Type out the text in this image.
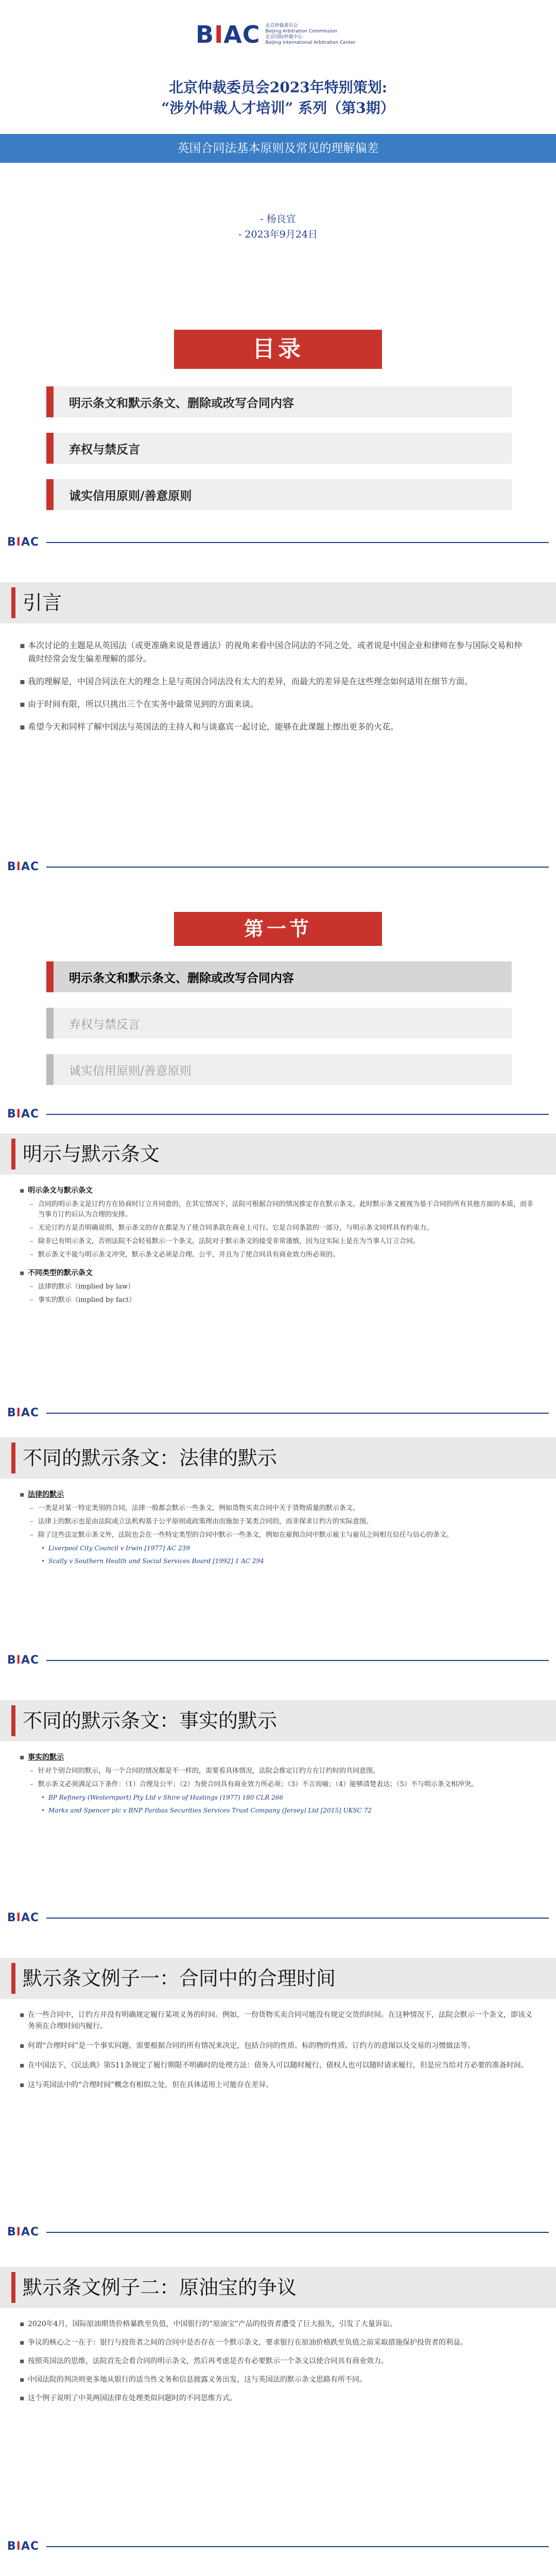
BIAC 北京仲裁委员会
Beijing Arbitration Commission
北京国际仲裁中心
Beijing International Arbitration Center
北京仲裁委员会2023年特别策划:
“涉外仲裁人才培训” 系列（第3期）
英国合同法基本原则及常见的理解偏差
- 杨良宜
- 2023年9月24日
目录
明示条文和默示条文、删除或改写合同内容
弃权与禁反言
诚实信用原则/善意原则
BIAC
引言
▪ 本次讨论的主题是从英国法（或更准确来说是普通法）的视角来看中国合同法的不同之处，或者说是中国企业和律师在参与国际交易和仲裁时经常会发生偏差理解的部分。
▪ 我的理解是，中国合同法在大的理念上是与英国合同法没有太大的差异，而最大的差异是在这些理念如何适用在细节方面。
▪ 由于时间有限，所以只挑出三个在实务中最常见到的方面来谈。
▪ 希望今天和同样了解中国法与英国法的主持人和与谈嘉宾一起讨论，能够在此课题上擦出更多的火花。
BIAC
第一节
明示条文和默示条文、删除或改写合同内容
弃权与禁反言
诚实信用原则/善意原则
BIAC
明示与默示条文
▪ 明示条文与默示条文
– 合同的明示条文是订约方在协商时订立并同意的，在其它情况下，法院可根据合同的情况推定存在默示条文。此时默示条文被视为基于合同的所有其他方面的本质，而非当事方订约后认为合理的安排。
– 无论订约方是否明确说明，默示条文的存在都是为了使合同条款在商业上可行。它是合同条款的一部分，与明示条文同样具有约束力。
– 除非已有明示条文，否则法院不会轻易默示一个条文。法院对于默示条文的接受非常谨慎，因为这实际上是在为当事人订立合同。
– 默示条文不能与明示条文冲突，默示条文必须是合理、公平，并且为了使合同具有商业效力所必须的。
▪ 不同类型的默示条文
– 法律的默示（implied by law）
– 事实的默示（implied by fact）
BIAC
不同的默示条文：法律的默示
▪ 法律的默示
– 一类是对某一特定类别的合同，法律一般都会默示一些条文，例如货物买卖合同中关于货物质量的默示条文。
– 法律上的默示也是由法院或立法机构基于公平原则或政策理由而施加于某类合同的，而非探求订约方的实际意图。
– 除了这些法定默示条文外，法院也会在一些特定类型的合同中默示一些条文，例如在雇佣合同中默示雇主与雇员之间相互信任与信心的条文。
• Liverpool City Council v Irwin [1977] AC 239
• Scally v Southern Health and Social Services Board [1992] 1 AC 294
BIAC
不同的默示条文：事实的默示
▪ 事实的默示
– 针对个别合同的默示，每一个合同的情况都是不一样的，需要看具体情况，法院会推定订约方在订约时的共同意图。
– 默示条文必须满足以下条件：（1）合理及公平；（2）为使合同具有商业效力所必须；（3）不言而喻；（4）能够清楚表达；（5）不与明示条文相冲突。
• BP Refinery (Westernport) Pty Ltd v Shire of Hastings (1977) 180 CLR 266
• Marks and Spencer plc v BNP Paribas Securities Services Trust Company (Jersey) Ltd [2015] UKSC 72
BIAC
默示条文例子一：合同中的合理时间
▪ 在一些合同中，订约方并没有明确规定履行某项义务的时间。例如，一份货物买卖合同可能没有规定交货的时间。在这种情况下，法院会默示一个条文，即该义务须在合理时间内履行。
▪ 何谓“合理时间”是一个事实问题，需要根据合同的所有情况来决定，包括合同的性质、标的物的性质、订约方的意图以及交易的习惯做法等。
▪ 在中国法下，《民法典》第511条规定了履行期限不明确时的处理方法：债务人可以随时履行，债权人也可以随时请求履行，但是应当给对方必要的准备时间。
▪ 这与英国法中的“合理时间”概念有相似之处，但在具体适用上可能存在差异。
BIAC
默示条文例子二：原油宝的争议
▪ 2020年4月，国际原油期货价格暴跌至负值，中国银行的“原油宝”产品的投资者遭受了巨大损失，引发了大量诉讼。
▪ 争议的核心之一在于：银行与投资者之间的合同中是否存在一个默示条文，要求银行在原油价格跌至负值之前采取措施保护投资者的利益。
▪ 按照英国法的思维，法院首先会看合同的明示条文，然后再考虑是否有必要默示一个条文以使合同具有商业效力。
▪ 中国法院的判决则更多地从银行的适当性义务和信息披露义务出发，这与英国法的默示条文思路有所不同。
▪ 这个例子说明了中英两国法律在处理类似问题时的不同思维方式。
BIAC
